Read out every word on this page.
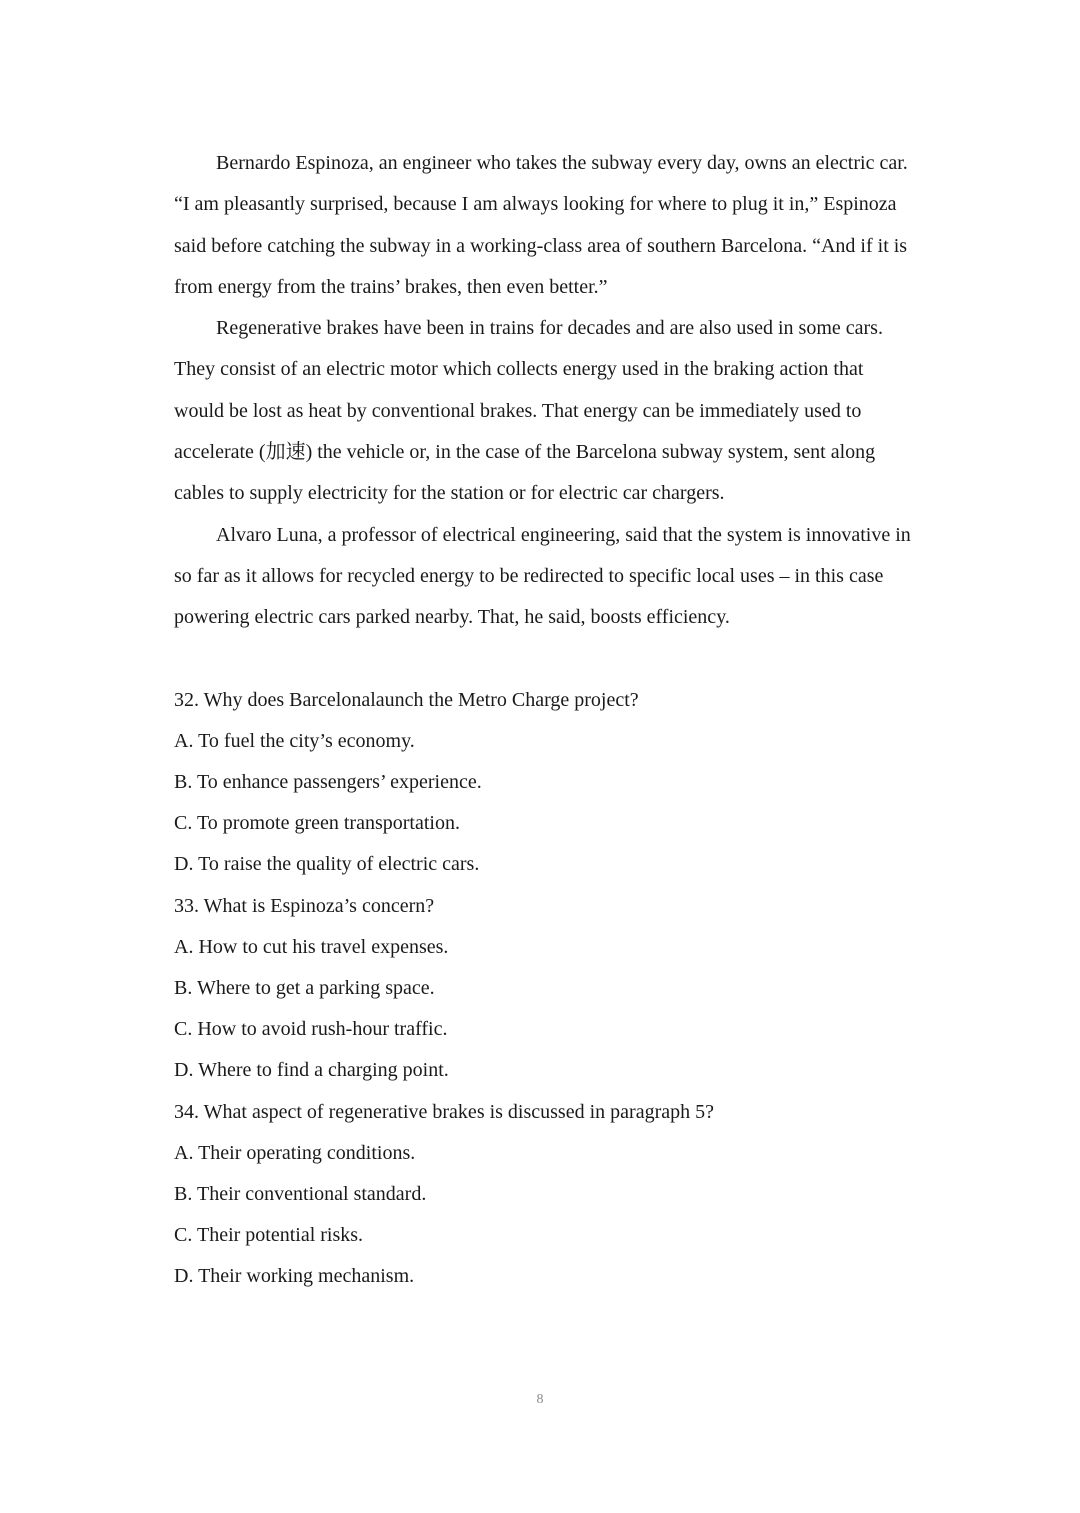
Bernardo Espinoza, an engineer who takes the subway every day, owns an electric car. “I am pleasantly surprised, because I am always looking for where to plug it in,” Espinoza said before catching the subway in a working-class area of southern Barcelona. “And if it is from energy from the trains’ brakes, then even better.”

Regenerative brakes have been in trains for decades and are also used in some cars. They consist of an electric motor which collects energy used in the braking action that would be lost as heat by conventional brakes. That energy can be immediately used to accelerate (加速) the vehicle or, in the case of the Barcelona subway system, sent along cables to supply electricity for the station or for electric car chargers.

Alvaro Luna, a professor of electrical engineering, said that the system is innovative in so far as it allows for recycled energy to be redirected to specific local uses – in this case powering electric cars parked nearby. That, he said, boosts efficiency.

32. Why does Barcelonalaunch the Metro Charge project?

A. To fuel the city’s economy.

B. To enhance passengers’ experience.

C. To promote green transportation.

D. To raise the quality of electric cars.

33. What is Espinoza’s concern?

A. How to cut his travel expenses.

B. Where to get a parking space.

C. How to avoid rush-hour traffic.

D. Where to find a charging point.

34. What aspect of regenerative brakes is discussed in paragraph 5?

A. Their operating conditions.

B. Their conventional standard.

C. Their potential risks.

D. Their working mechanism.

8
